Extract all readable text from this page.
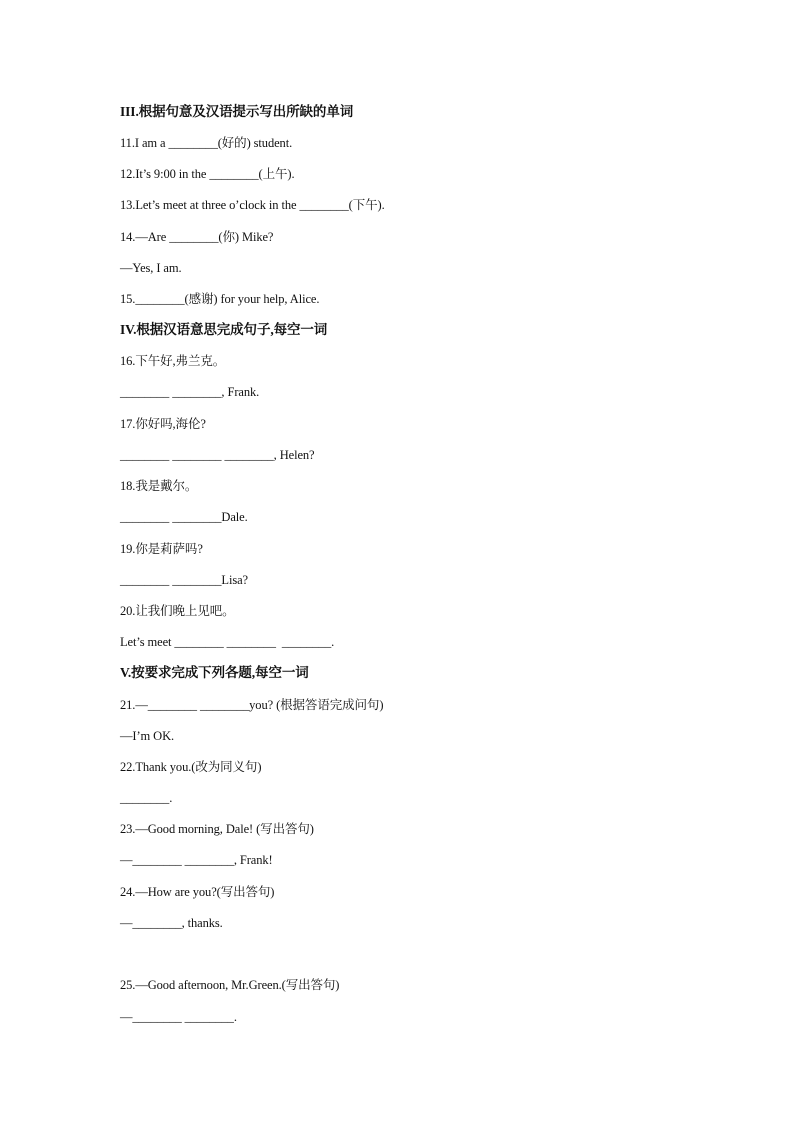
III.根据句意及汉语提示写出所缺的单词
11.I am a ________(好的) student.
12.It’s 9:00 in the ________(上午).
13.Let’s meet at three o’clock in the ________(下午).
14.—Are ________(你) Mike?
—Yes, I am.
15.________(感谢) for your help, Alice.
IV.根据汉语意思完成句子,每空一词
16.下午好,弗兰克。
________ ________, Frank.
17.你好吗,海伦?
________ ________ ________, Helen?
18.我是戴尔。
________ ________Dale.
19.你是莉萨吗?
________ ________Lisa?
20.让我们晚上见吧。
Let’s meet ________ ________  ________.
V.按要求完成下列各题,每空一词
21.—________ ________you? (根据答语完成问句)
—I’m OK.
22.Thank you.(改为同义句)
________.
23.—Good morning, Dale! (写出答句)
—________ ________, Frank!
24.—How are you?(写出答句)
—________, thanks.
25.—Good afternoon, Mr.Green.(写出答句)
—________ ________.
